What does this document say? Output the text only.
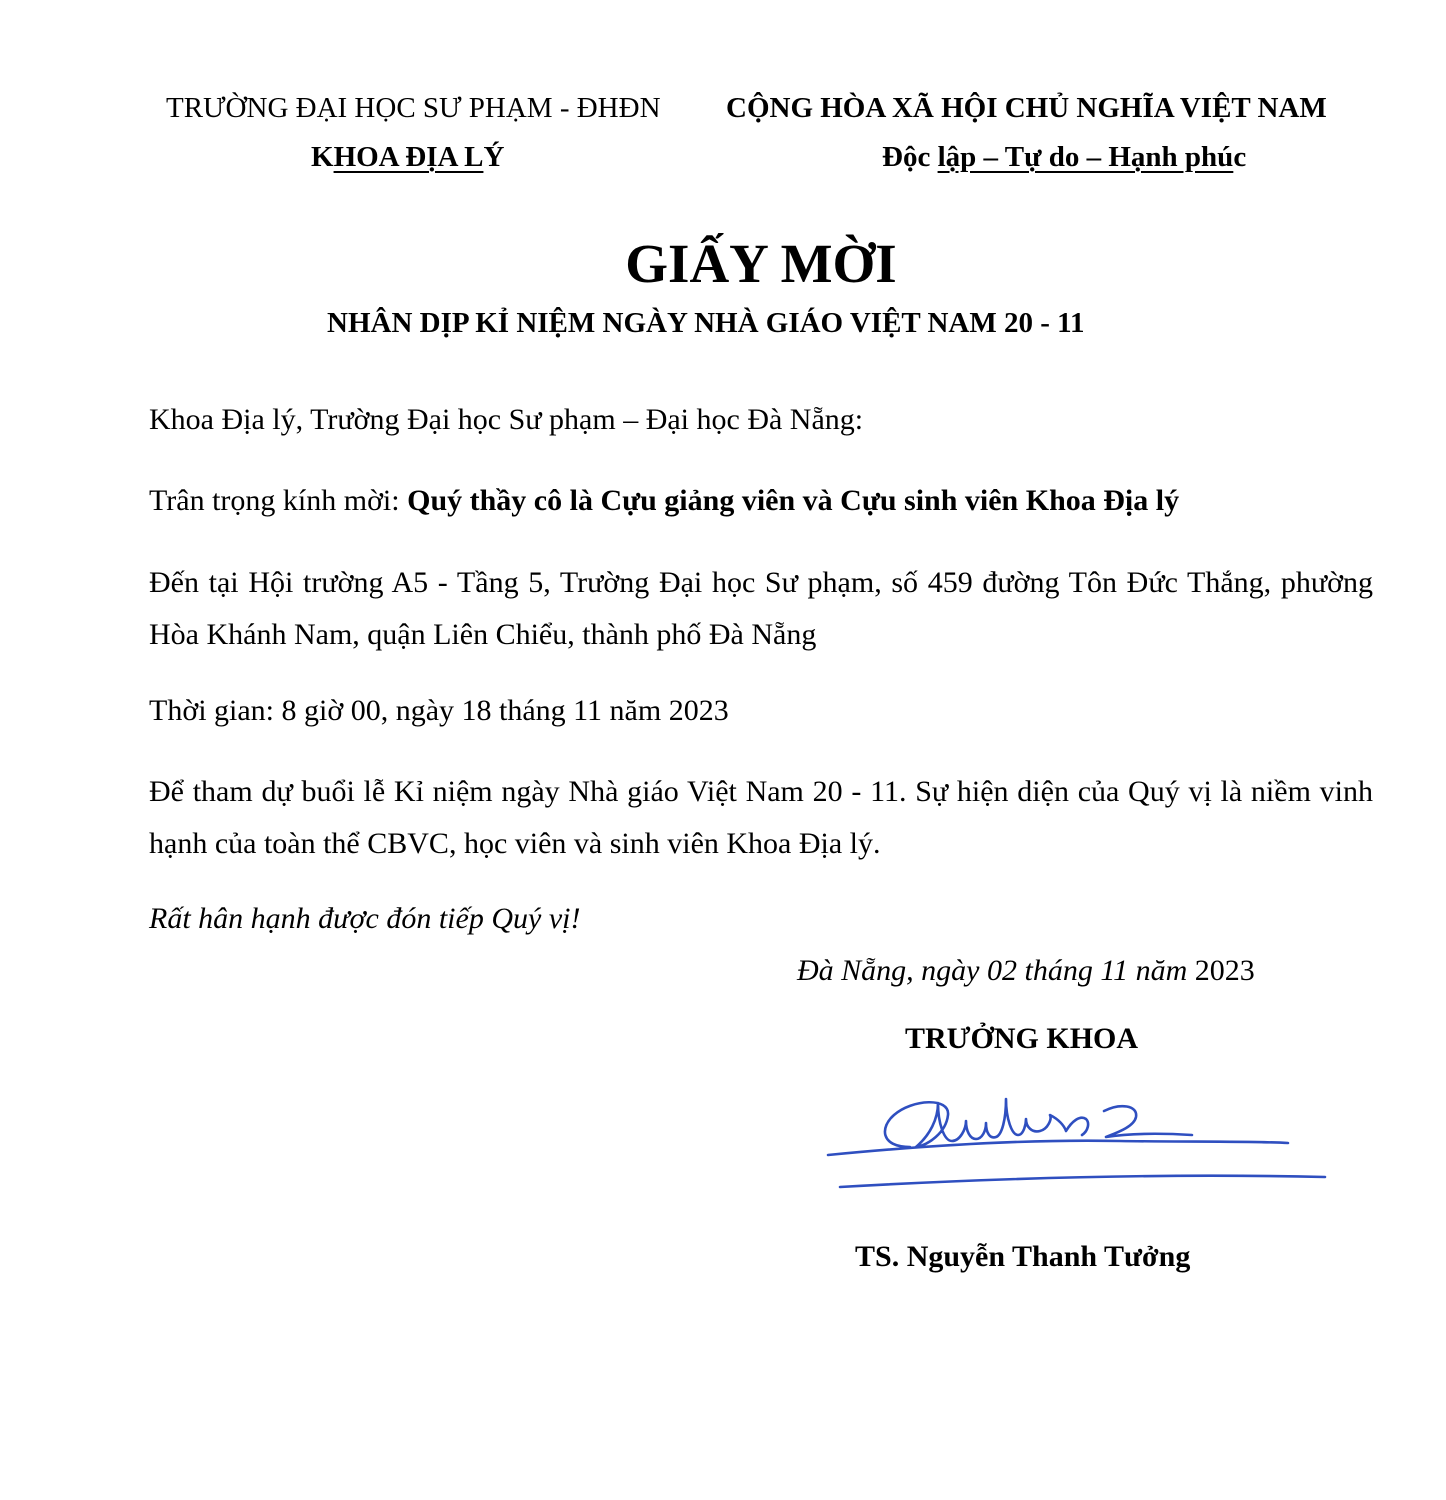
TRƯỜNG ĐẠI HỌC SƯ PHẠM - ĐHĐN
KHOA ĐỊA LÝ
CỘNG HÒA XÃ HỘI CHỦ NGHĨA VIỆT NAM
Độc lập – Tự do – Hạnh phúc
GIẤY MỜI
NHÂN DỊP KỈ NIỆM NGÀY NHÀ GIÁO VIỆT NAM 20 - 11
Khoa Địa lý, Trường Đại học Sư phạm – Đại học Đà Nẵng:
Trân trọng kính mời: Quý thầy cô là Cựu giảng viên và Cựu sinh viên Khoa Địa lý
Đến tại Hội trường A5 - Tầng 5, Trường Đại học Sư phạm, số 459 đường Tôn Đức Thắng, phường Hòa Khánh Nam, quận Liên Chiểu, thành phố Đà Nẵng
Thời gian: 8 giờ 00, ngày 18 tháng 11 năm 2023
Để tham dự buổi lễ Kỉ niệm ngày Nhà giáo Việt Nam 20 - 11. Sự hiện diện của Quý vị là niềm vinh hạnh của toàn thể CBVC, học viên và sinh viên Khoa Địa lý.
Rất hân hạnh được đón tiếp Quý vị!
Đà Nẵng, ngày 02 tháng 11 năm 2023
TRƯỞNG KHOA
TS. Nguyễn Thanh Tưởng
